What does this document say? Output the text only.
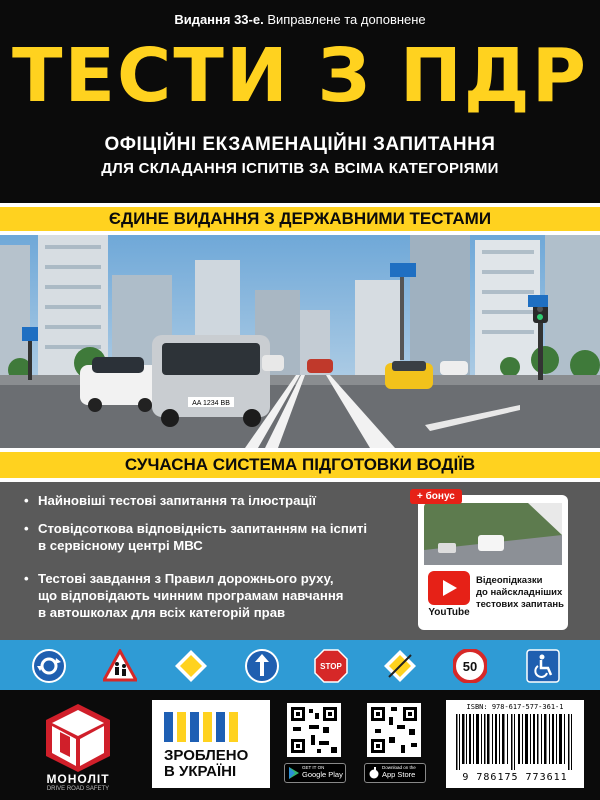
Видання 33-е. Виправлене та доповнене
ТЕСТИ З ПДР
ОФІЦІЙНІ ЕКЗАМЕНАЦІЙНІ ЗАПИТАННЯ
ДЛЯ СКЛАДАННЯ ІСПИТІВ ЗА ВСІМА КАТЕГОРІЯМИ
ЄДИНЕ ВИДАННЯ З ДЕРЖАВНИМИ ТЕСТАМИ
AA 1234 BB
СУЧАСНА СИСТЕМА ПІДГОТОВКИ ВОДІЇВ
• Найновіші тестові запитання та ілюстрації
• Стовідсоткова відповідність запитанням на іспиті
в сервісному центрі МВС
• Тестові завдання з Правил дорожнього руху,
що відповідають чинним програмам навчання
в автошколах для всіх категорій прав
+ бонус
YouTube
Відеопідказки
до найскладніших
тестових запитань
STOP	50
МОНОЛІТ
DRIVE ROAD SAFETY
ЗРОБЛЕНО
В УКРАЇНІ	GET IT ON
Google Play
Download on the
App Store
ISBN: 978-617-577-361-1
9 786175 773611
